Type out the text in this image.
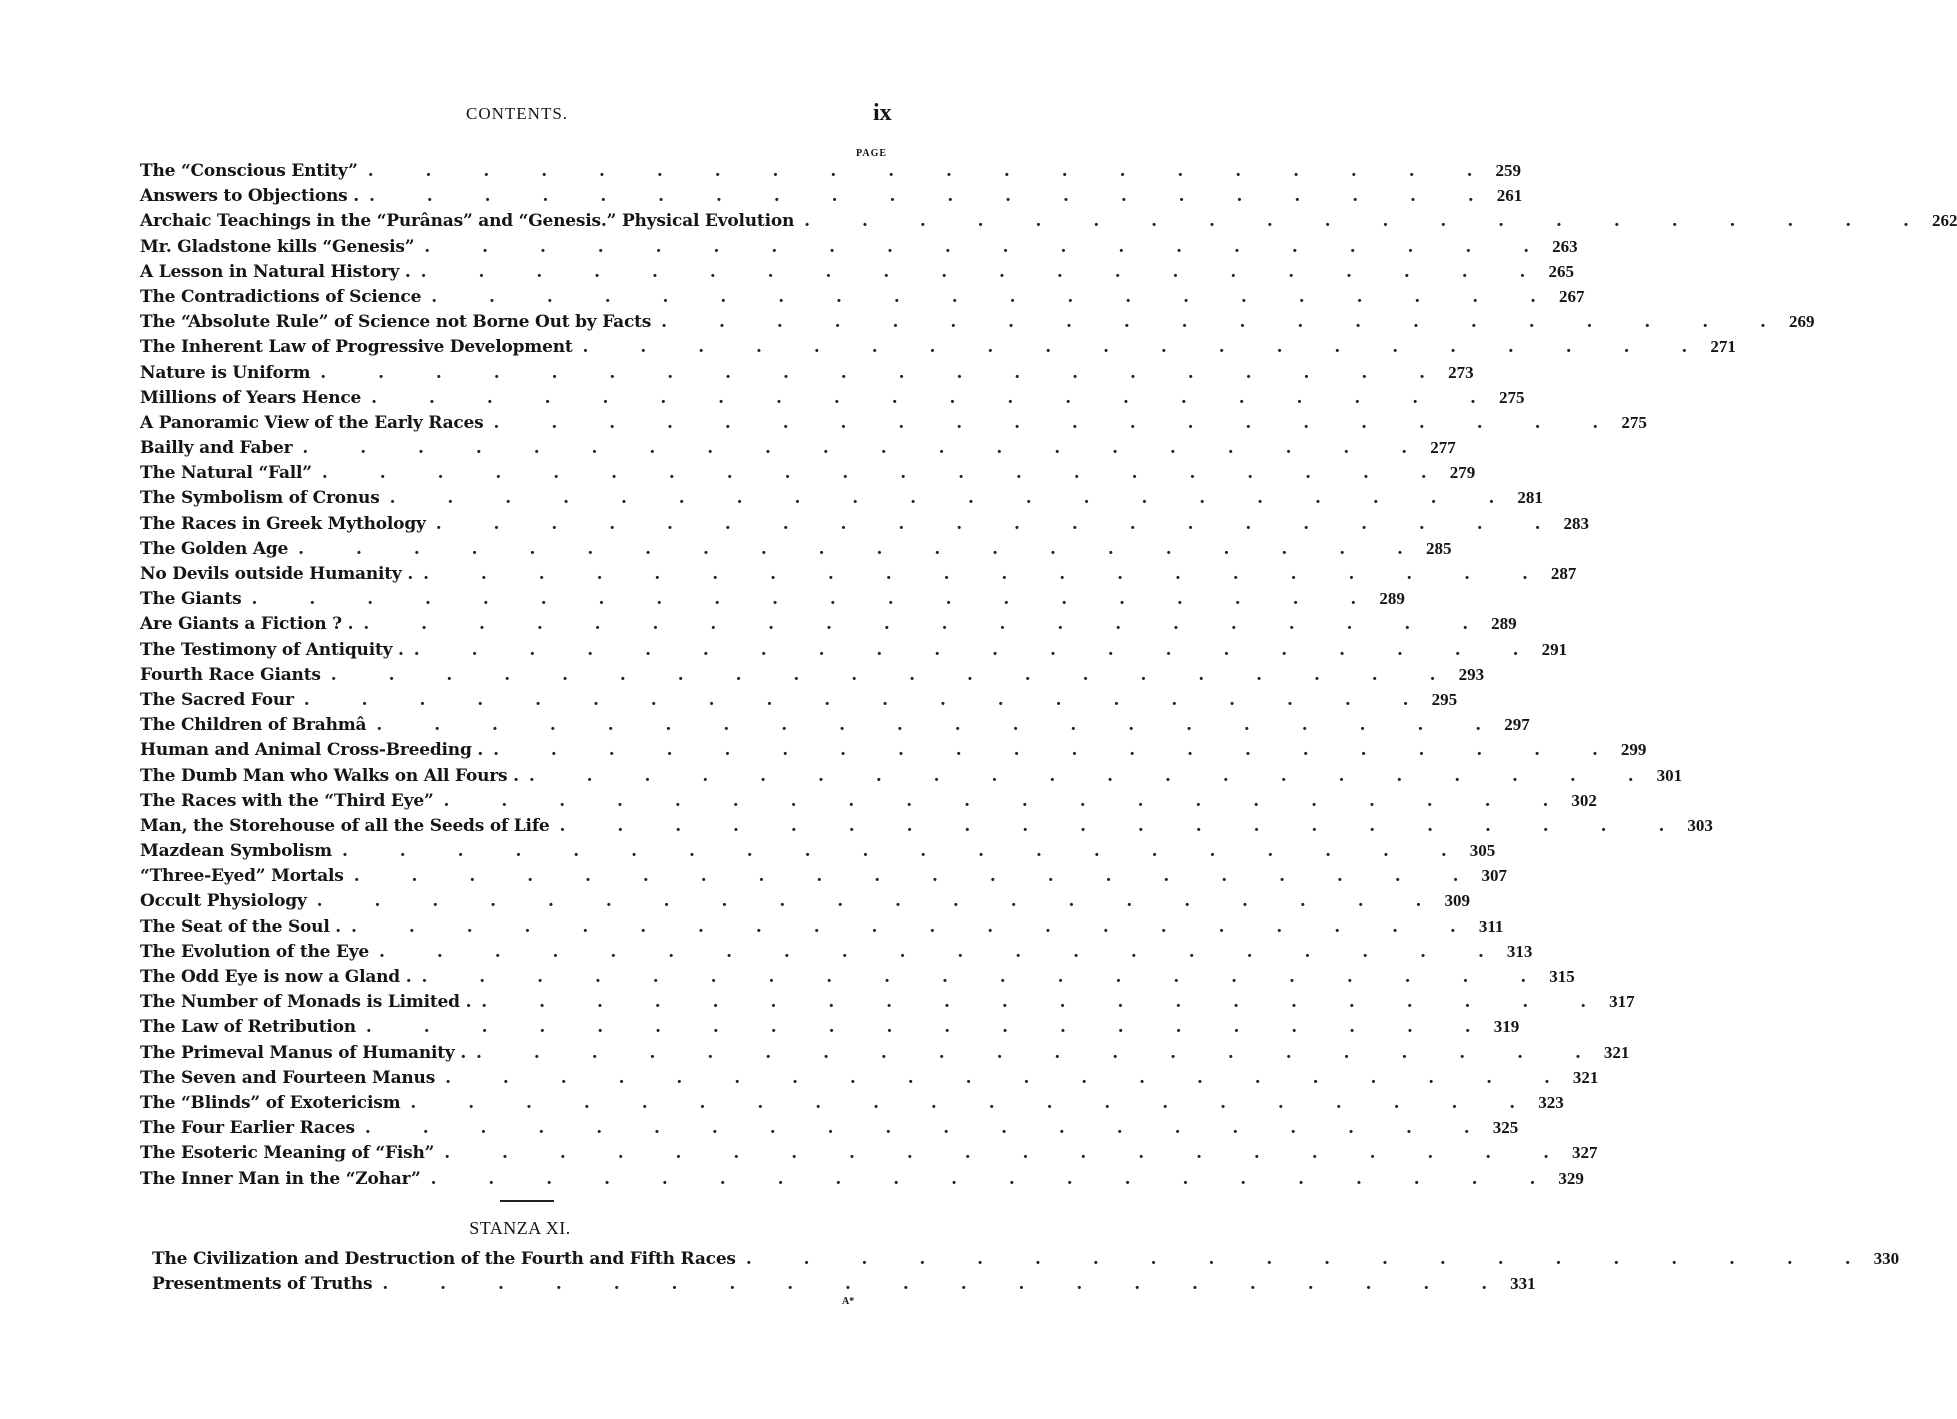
CONTENTS.	ix
PAGE
The “Conscious Entity” . . . . . . . . . . . . . . . . . . . . 259
Answers to Objections . . . . . . . . . . . . . . . . . . . . . 261
Archaic Teachings in the “Purânas” and “Genesis.” Physical Evolution . . . . . . . . . . . . . . . . . . . . 262
Mr. Gladstone kills “Genesis” . . . . . . . . . . . . . . . . . . . . 263
A Lesson in Natural History . . . . . . . . . . . . . . . . . . . . . 265
The Contradictions of Science . . . . . . . . . . . . . . . . . . . . 267
The “Absolute Rule” of Science not Borne Out by Facts . . . . . . . . . . . . . . . . . . . . 269
The Inherent Law of Progressive Development . . . . . . . . . . . . . . . . . . . . 271
Nature is Uniform . . . . . . . . . . . . . . . . . . . . 273
Millions of Years Hence . . . . . . . . . . . . . . . . . . . . 275
A Panoramic View of the Early Races . . . . . . . . . . . . . . . . . . . . 275
Bailly and Faber . . . . . . . . . . . . . . . . . . . . 277
The Natural “Fall” . . . . . . . . . . . . . . . . . . . . 279
The Symbolism of Cronus . . . . . . . . . . . . . . . . . . . . 281
The Races in Greek Mythology . . . . . . . . . . . . . . . . . . . . 283
The Golden Age . . . . . . . . . . . . . . . . . . . . 285
No Devils outside Humanity . . . . . . . . . . . . . . . . . . . . . 287
The Giants . . . . . . . . . . . . . . . . . . . . 289
Are Giants a Fiction ? . . . . . . . . . . . . . . . . . . . . . 289
The Testimony of Antiquity . . . . . . . . . . . . . . . . . . . . . 291
Fourth Race Giants . . . . . . . . . . . . . . . . . . . . 293
The Sacred Four . . . . . . . . . . . . . . . . . . . . 295
The Children of Brahmâ . . . . . . . . . . . . . . . . . . . . 297
Human and Animal Cross-Breeding . . . . . . . . . . . . . . . . . . . . . 299
The Dumb Man who Walks on All Fours . . . . . . . . . . . . . . . . . . . . . 301
The Races with the “Third Eye” . . . . . . . . . . . . . . . . . . . . 302
Man, the Storehouse of all the Seeds of Life . . . . . . . . . . . . . . . . . . . . 303
Mazdean Symbolism . . . . . . . . . . . . . . . . . . . . 305
“Three-Eyed” Mortals . . . . . . . . . . . . . . . . . . . . 307
Occult Physiology . . . . . . . . . . . . . . . . . . . . 309
The Seat of the Soul . . . . . . . . . . . . . . . . . . . . . 311
The Evolution of the Eye . . . . . . . . . . . . . . . . . . . . 313
The Odd Eye is now a Gland . . . . . . . . . . . . . . . . . . . . . 315
The Number of Monads is Limited . . . . . . . . . . . . . . . . . . . . . 317
The Law of Retribution . . . . . . . . . . . . . . . . . . . . 319
The Primeval Manus of Humanity . . . . . . . . . . . . . . . . . . . . . 321
The Seven and Fourteen Manus . . . . . . . . . . . . . . . . . . . . 321
The “Blinds” of Exotericism . . . . . . . . . . . . . . . . . . . . 323
The Four Earlier Races . . . . . . . . . . . . . . . . . . . . 325
The Esoteric Meaning of “Fish” . . . . . . . . . . . . . . . . . . . . 327
The Inner Man in the “Zohar” . . . . . . . . . . . . . . . . . . . . 329
STANZA XI.
The Civilization and Destruction of the Fourth and Fifth Races . . . . . . . . . . . . . . . . . . . . 330
Presentments of Truths . . . . . . . . . . . . . . . . . . . . 331
A*
